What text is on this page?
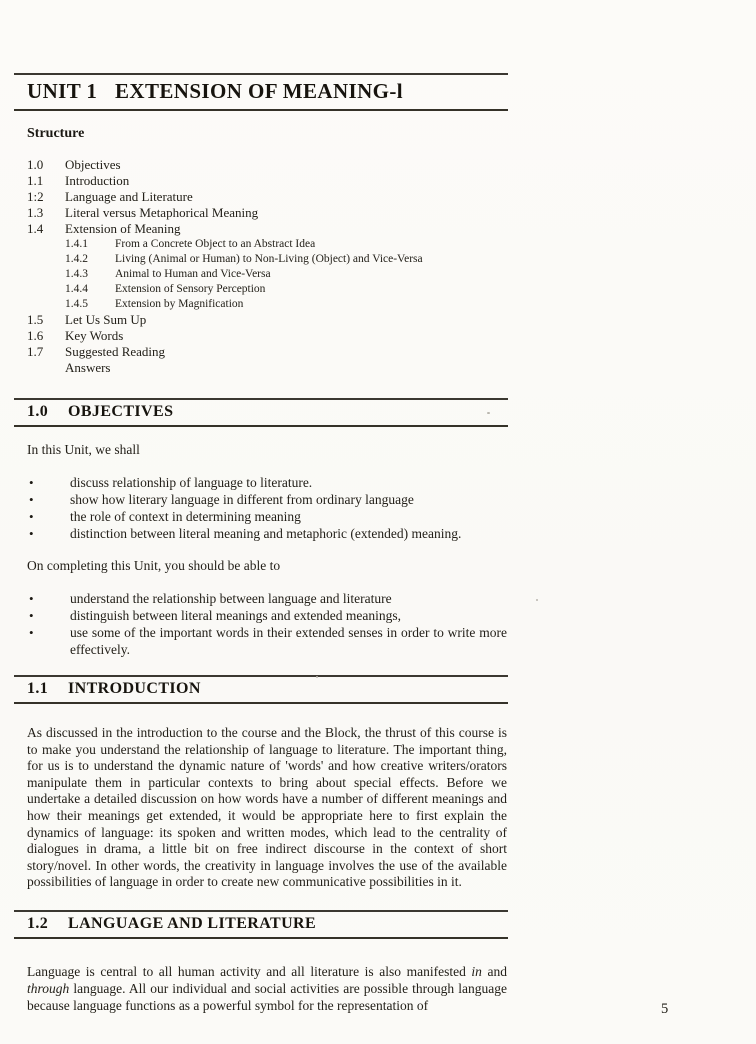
UNIT 1 EXTENSION OF MEANING-l
Structure
1.0	Objectives
1.1	Introduction
1:2	Language and Literature
1.3	Literal versus Metaphorical Meaning
1.4	Extension of Meaning
1.4.1	From a Concrete Object to an Abstract Idea
1.4.2	Living (Animal or Human) to Non-Living (Object) and Vice-Versa
1.4.3	Animal to Human and Vice-Versa
1.4.4	Extension of Sensory Perception
1.4.5	Extension by Magnification
1.5	Let Us Sum Up
1.6	Key Words
1.7	Suggested Reading
Answers
1.0 OBJECTIVES

In this Unit, we shall

•	discuss relationship of language to literature.
•	show how literary language in different from ordinary language
•	the role of context in determining meaning
•	distinction between literal meaning and metaphoric (extended) meaning.

On completing this Unit, you should be able to

•	understand the relationship between language and literature
•	distinguish between literal meanings and extended meanings,
•	use some of the important words in their extended senses in order to write more effectively.
1.1 INTRODUCTION

As discussed in the introduction to the course and the Block, the thrust of this course is to make you understand the relationship of language to literature. The important thing, for us is to understand the dynamic nature of 'words' and how creative writers/orators manipulate them in particular contexts to bring about special effects. Before we undertake a detailed discussion on how words have a number of different meanings and how their meanings get extended, it would be appropriate here to first explain the dynamics of language: its spoken and written modes, which lead to the centrality of dialogues in drama, a little bit on free indirect discourse in the context of short story/novel. In other words, the creativity in language involves the use of the available possibilities of language in order to create new communicative possibilities in it.

1.2 LANGUAGE AND LITERATURE

Language is central to all human activity and all literature is also manifested in and through language. All our individual and social activities are possible through language because language functions as a powerful symbol for the representation of	5
